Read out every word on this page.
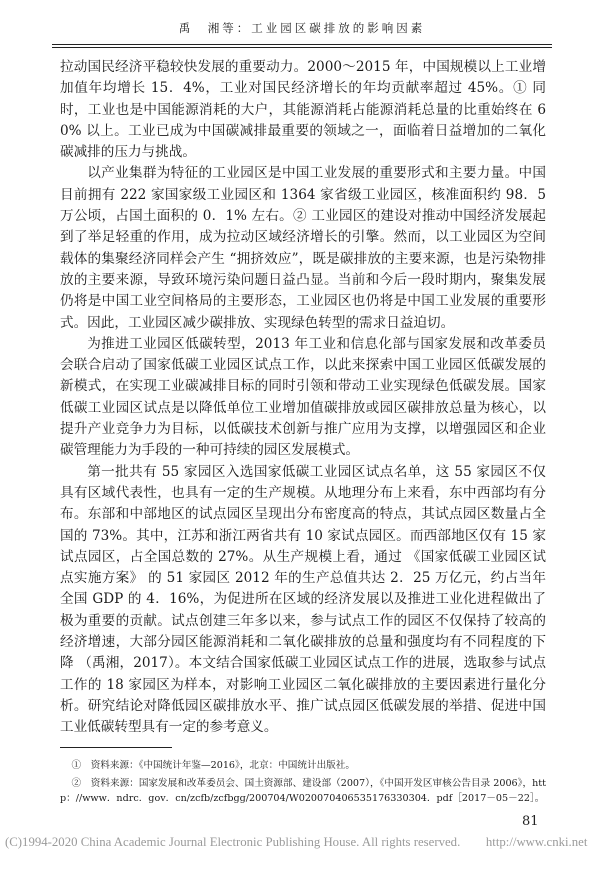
禹　湘等：工业园区碳排放的影响因素

拉动国民经济平稳较快发展的重要动力。2000～2015 年，中国规模以上工业增加值年均增长 15．4%，工业对国民经济增长的年均贡献率超过 45%。① 同时，工业也是中国能源消耗的大户，其能源消耗占能源消耗总量的比重始终在 60% 以上。工业已成为中国碳减排最重要的领域之一，面临着日益增加的二氧化碳减排的压力与挑战。

以产业集群为特征的工业园区是中国工业发展的重要形式和主要力量。中国目前拥有 222 家国家级工业园区和 1364 家省级工业园区，核准面积约 98．5 万公顷，占国土面积的 0．1% 左右。② 工业园区的建设对推动中国经济发展起到了举足轻重的作用，成为拉动区域经济增长的引擎。然而，以工业园区为空间载体的集聚经济同样会产生 “拥挤效应”，既是碳排放的主要来源，也是污染物排放的主要来源，导致环境污染问题日益凸显。当前和今后一段时期内，聚集发展仍将是中国工业空间格局的主要形态，工业园区也仍将是中国工业发展的重要形式。因此，工业园区减少碳排放、实现绿色转型的需求日益迫切。

为推进工业园区低碳转型，2013 年工业和信息化部与国家发展和改革委员会联合启动了国家低碳工业园区试点工作，以此来探索中国工业园区低碳发展的新模式，在实现工业碳减排目标的同时引领和带动工业实现绿色低碳发展。国家低碳工业园区试点是以降低单位工业增加值碳排放或园区碳排放总量为核心，以提升产业竞争力为目标，以低碳技术创新与推广应用为支撑，以增强园区和企业碳管理能力为手段的一种可持续的园区发展模式。

第一批共有 55 家园区入选国家低碳工业园区试点名单，这 55 家园区不仅具有区域代表性，也具有一定的生产规模。从地理分布上来看，东中西部均有分布。东部和中部地区的试点园区呈现出分布密度高的特点，其试点园区数量占全国的 73%。其中，江苏和浙江两省共有 10 家试点园区。而西部地区仅有 15 家试点园区，占全国总数的 27%。从生产规模上看，通过 《国家低碳工业园区试点实施方案》 的 51 家园区 2012 年的生产总值共达 2．25 万亿元，约占当年全国 GDP 的 4．16%，为促进所在区域的经济发展以及推进工业化进程做出了极为重要的贡献。试点创建三年多以来，参与试点工作的园区不仅保持了较高的经济增速，大部分园区能源消耗和二氧化碳排放的总量和强度均有不同程度的下降 （禹湘，2017）。本文结合国家低碳工业园区试点工作的进展，选取参与试点工作的 18 家园区为样本，对影响工业园区二氧化碳排放的主要因素进行量化分析。研究结论对降低园区碳排放水平、推广试点园区低碳发展的举措、促进中国工业低碳转型具有一定的参考意义。

①　资料来源：《中国统计年鉴—2016》，北京：中国统计出版社。

②　资料来源：国家发展和改革委员会、国土资源部、建设部（2007），《中国开发区审核公告目录 2006》，http：//www．ndrc．gov．cn/zcfb/zcfbgg/200704/W020070406535176330304．pdf［2017－05－22］。

81
(C)1994-2020 China Academic Journal Electronic Publishing House. All rights reserved.　　http://www.cnki.net
